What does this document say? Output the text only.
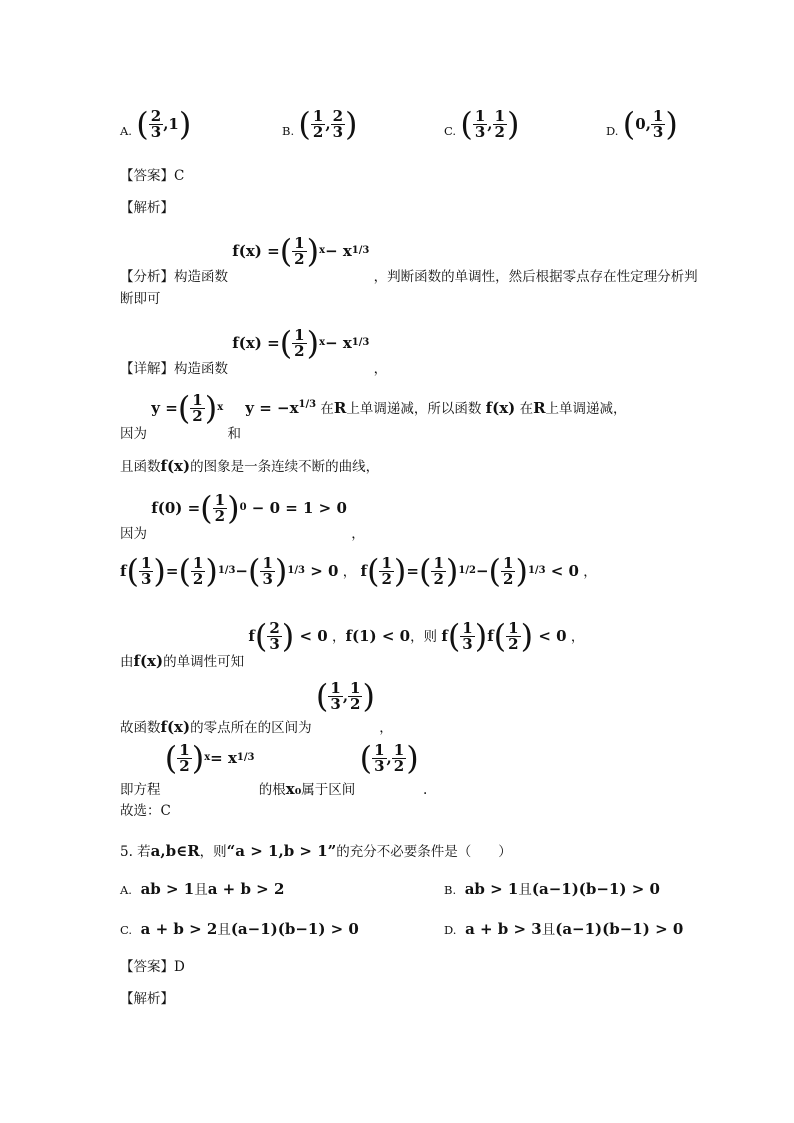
A. ( $\frac{2}{3}$ , 1 )	B. ( $\frac{1}{2}$ , $\frac{2}{3}$ )	C. ( $\frac{1}{3}$ , $\frac{1}{2}$ )	D. ( 0 , $\frac{1}{3}$ )
【答案】C
【解析】
【分析】构造函数 f(x) = ( $\frac{1}{2}$ ) x − x 1/3
，判断函数的单调性，然后根据零点存在性定理分析判
断即可
【详解】构造函数 f(x) = ( $\frac{1}{2}$ ) x − x 1/3
，
因为 y = ( $\frac{1}{2}$ ) x
和 $y = -x^{1/3}$ 在R上单调递减，所以函数 f(x) 在R上单调递减，
且函数f(x)的图象是一条连续不断的曲线，
因为 f(0) = ( $\frac{1}{2}$ ) 0
− 0 = 1 > 0
，
f ( $\frac{1}{3}$ ) = ( $\frac{1}{2}$ ) 1/3 − ( $\frac{1}{3}$ ) 1/3
> 0 ， f ( $\frac{1}{2}$ ) = ( $\frac{1}{2}$ ) 1/2 − ( $\frac{1}{2}$ ) 1/3
< 0 ，
由f(x)的单调性可知 f ( $\frac{2}{3}$ )
< 0 ，f(1) < 0，则 f ( $\frac{1}{3}$ ) f ( $\frac{1}{2}$ )
< 0 ，
故函数f(x)的零点所在的区间为
( $\frac{1}{3}$ , $\frac{1}{2}$ )
，
即方程
( $\frac{1}{2}$ ) x = x 1/3
的根x₀属于区间
( $\frac{1}{3}$ , $\frac{1}{2}$ )
.
故选：C
5. 若a,b∈R，则“a > 1,b > 1”的充分不必要条件是（　　）
A. ab > 1且a + b > 2	B. ab > 1且(a−1)(b−1) > 0
C. a + b > 2且(a−1)(b−1) > 0	D. a + b > 3且(a−1)(b−1) > 0
【答案】D
【解析】
